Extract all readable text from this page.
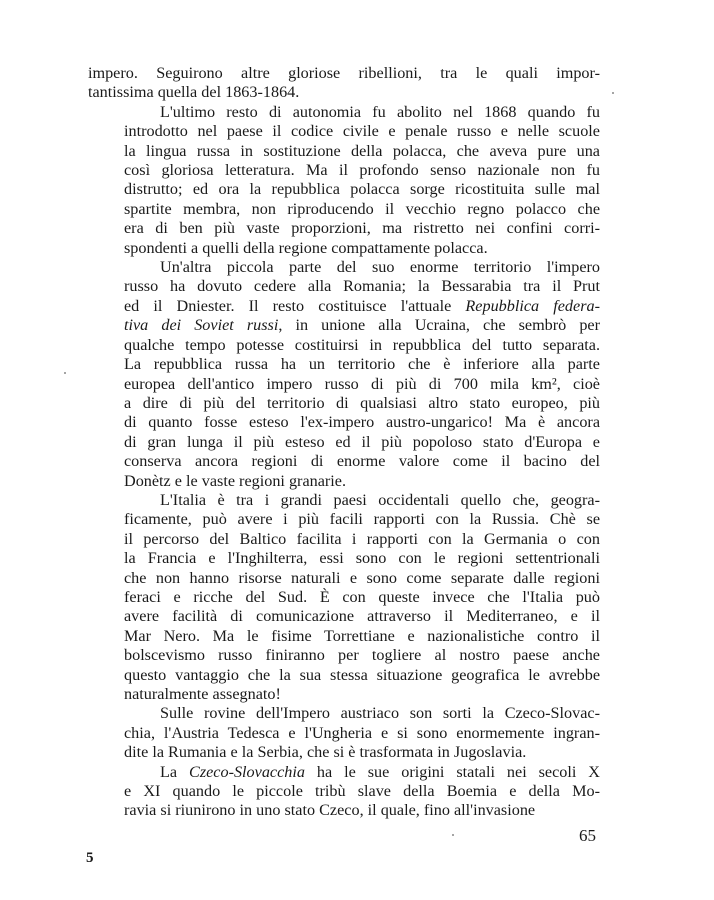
impero. Seguirono altre gloriose ribellioni, tra le quali impor-
tantissima quella del 1863-1864.
L'ultimo resto di autonomia fu abolito nel 1868 quando fu
introdotto nel paese il codice civile e penale russo e nelle scuole
la lingua russa in sostituzione della polacca, che aveva pure una
così gloriosa letteratura. Ma il profondo senso nazionale non fu
distrutto; ed ora la repubblica polacca sorge ricostituita sulle mal
spartite membra, non riproducendo il vecchio regno polacco che
era di ben più vaste proporzioni, ma ristretto nei confini corri-
spondenti a quelli della regione compattamente polacca.
Un'altra piccola parte del suo enorme territorio l'impero
russo ha dovuto cedere alla Romania; la Bessarabia tra il Prut
ed il Dniester. Il resto costituisce l'attuale Repubblica federa-
tiva dei Soviet russi, in unione alla Ucraina, che sembrò per
qualche tempo potesse costituirsi in repubblica del tutto separata.
La repubblica russa ha un territorio che è inferiore alla parte
europea dell'antico impero russo di più di 700 mila km², cioè
a dire di più del territorio di qualsiasi altro stato europeo, più
di quanto fosse esteso l'ex-impero austro-ungarico! Ma è ancora
di gran lunga il più esteso ed il più popoloso stato d'Europa e
conserva ancora regioni di enorme valore come il bacino del
Donètz e le vaste regioni granarie.
L'Italia è tra i grandi paesi occidentali quello che, geogra-
ficamente, può avere i più facili rapporti con la Russia. Chè se
il percorso del Baltico facilita i rapporti con la Germania o con
la Francia e l'Inghilterra, essi sono con le regioni settentrionali
che non hanno risorse naturali e sono come separate dalle regioni
feraci e ricche del Sud. È con queste invece che l'Italia può
avere facilità di comunicazione attraverso il Mediterraneo, e il
Mar Nero. Ma le fisime Torrettiane e nazionalistiche contro il
bolscevismo russo finiranno per togliere al nostro paese anche
questo vantaggio che la sua stessa situazione geografica le avrebbe
naturalmente assegnato!
Sulle rovine dell'Impero austriaco son sorti la Czeco-Slovac-
chia, l'Austria Tedesca e l'Ungheria e si sono enormemente ingran-
dite la Rumania e la Serbia, che si è trasformata in Jugoslavia.
La Czeco-Slovacchia ha le sue origini statali nei secoli X
e XI quando le piccole tribù slave della Boemia e della Mo-
ravia si riunirono in uno stato Czeco, il quale, fino all'invasione
65
5
